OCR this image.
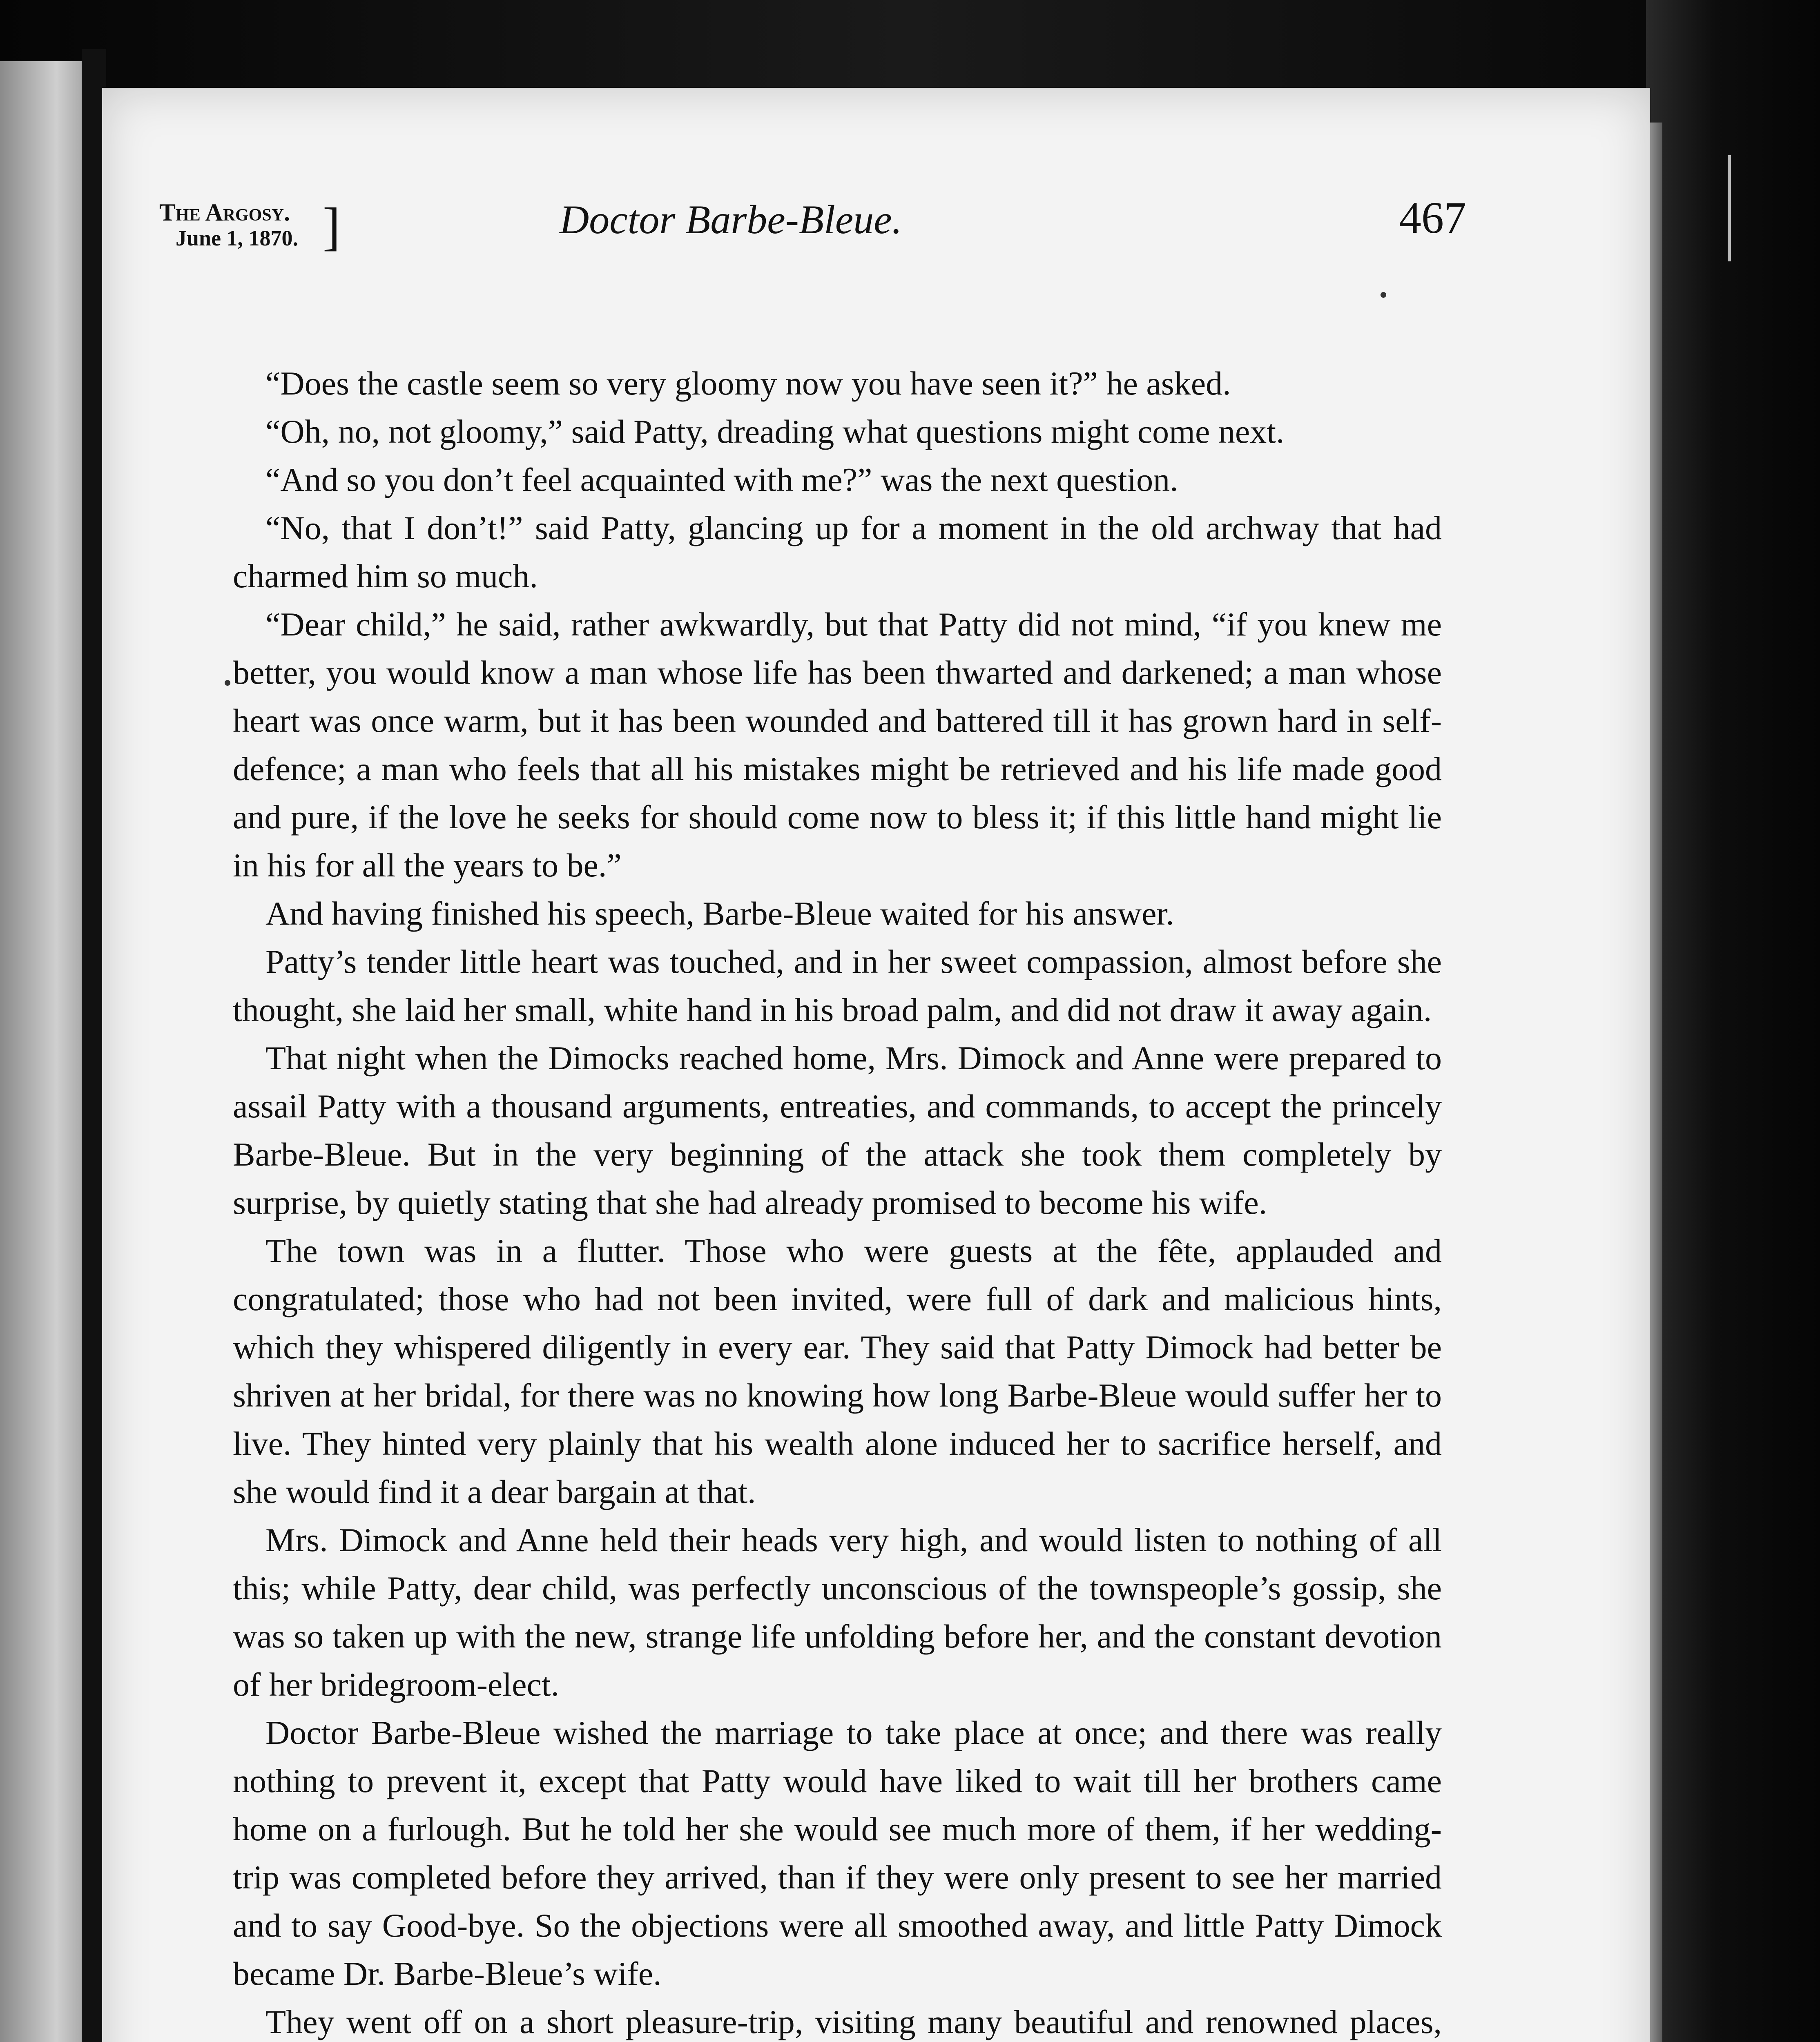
The Argosy.
June 1, 1870. ]	Doctor Barbe-Bleue.	467

“Does the castle seem so very gloomy now you have seen it?” he asked.

“Oh, no, not gloomy,” said Patty, dreading what questions might come next.

“And so you don’t feel acquainted with me?” was the next question.

“No, that I don’t!” said Patty, glancing up for a moment in the old archway that had charmed him so much.

“Dear child,” he said, rather awkwardly, but that Patty did not mind, “if you knew me better, you would know a man whose life has been thwarted and darkened; a man whose heart was once warm, but it has been wounded and battered till it has grown hard in self-defence; a man who feels that all his mistakes might be retrieved and his life made good and pure, if the love he seeks for should come now to bless it; if this little hand might lie in his for all the years to be.”

And having finished his speech, Barbe-Bleue waited for his answer.

Patty’s tender little heart was touched, and in her sweet compassion, almost before she thought, she laid her small, white hand in his broad palm, and did not draw it away again.

That night when the Dimocks reached home, Mrs. Dimock and Anne were prepared to assail Patty with a thousand arguments, entreaties, and commands, to accept the princely Barbe-Bleue. But in the very beginning of the attack she took them completely by surprise, by quietly stating that she had already promised to become his wife.

The town was in a flutter. Those who were guests at the fête, applauded and congratulated; those who had not been invited, were full of dark and malicious hints, which they whispered diligently in every ear. They said that Patty Dimock had better be shriven at her bridal, for there was no knowing how long Barbe-Bleue would suffer her to live. They hinted very plainly that his wealth alone induced her to sacrifice herself, and she would find it a dear bargain at that.

Mrs. Dimock and Anne held their heads very high, and would listen to nothing of all this; while Patty, dear child, was perfectly unconscious of the townspeople’s gossip, she was so taken up with the new, strange life unfolding before her, and the constant devotion of her bridegroom-elect.

Doctor Barbe-Bleue wished the marriage to take place at once; and there was really nothing to prevent it, except that Patty would have liked to wait till her brothers came home on a furlough. But he told her she would see much more of them, if her wedding-trip was completed before they arrived, than if they were only present to see her married and to say Good-bye. So the objections were all smoothed away, and little Patty Dimock became Dr. Barbe-Bleue’s wife.

They went off on a short pleasure-trip, visiting many beautiful and renowned places,
